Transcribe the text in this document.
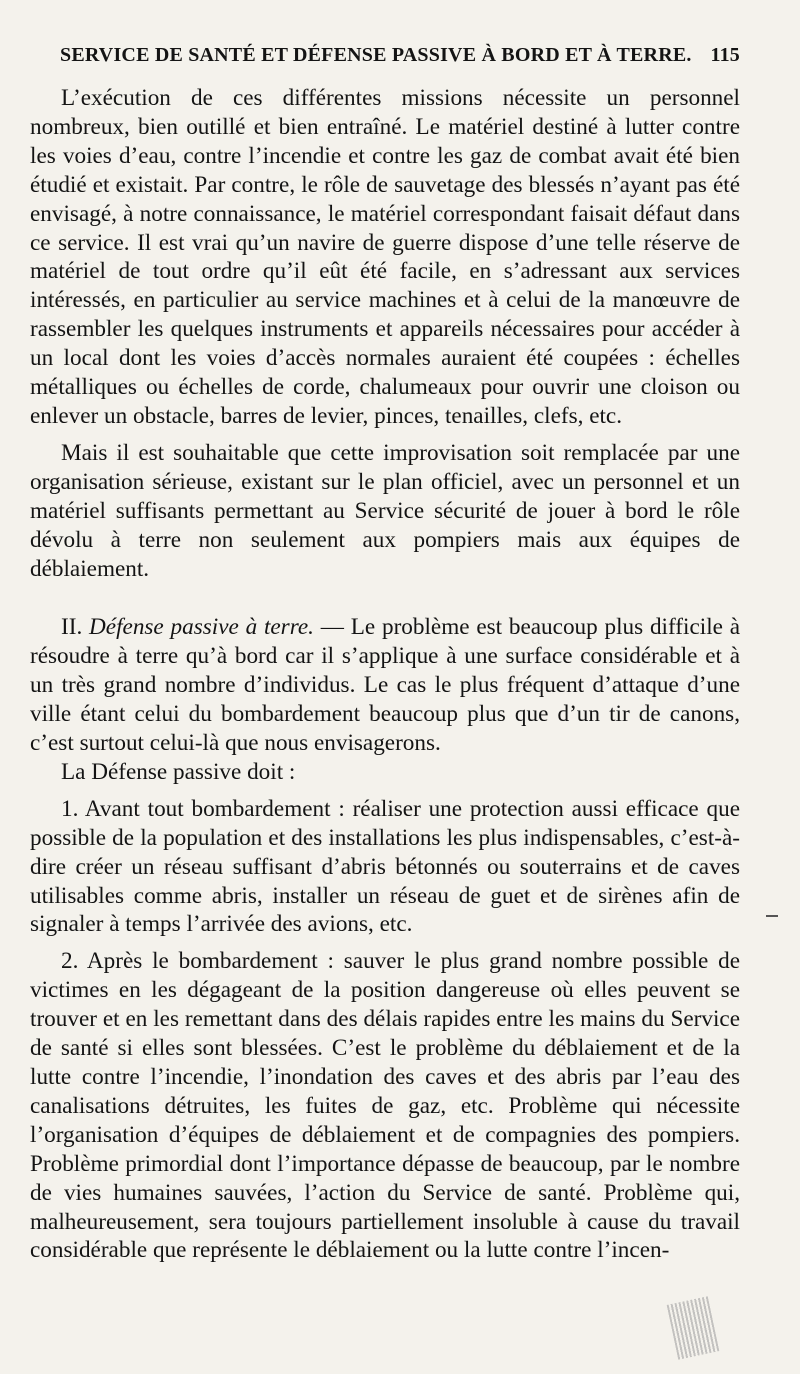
SERVICE DE SANTÉ ET DÉFENSE PASSIVE À BORD ET À TERRE. 115

L’exécution de ces différentes missions nécessite un personnel nombreux, bien outillé et bien entraîné. Le matériel destiné à lutter contre les voies d’eau, contre l’incendie et contre les gaz de combat avait été bien étudié et existait. Par contre, le rôle de sauvetage des blessés n’ayant pas été envisagé, à notre connaissance, le matériel correspondant faisait défaut dans ce service. Il est vrai qu’un navire de guerre dispose d’une telle réserve de matériel de tout ordre qu’il eût été facile, en s’adressant aux services intéressés, en particulier au service machines et à celui de la manœuvre de rassembler les quelques instruments et appareils nécessaires pour accéder à un local dont les voies d’accès normales auraient été coupées : échelles métalliques ou échelles de corde, chalumeaux pour ouvrir une cloison ou enlever un obstacle, barres de levier, pinces, tenailles, clefs, etc.

Mais il est souhaitable que cette improvisation soit remplacée par une organisation sérieuse, existant sur le plan officiel, avec un personnel et un matériel suffisants permettant au Service sécurité de jouer à bord le rôle dévolu à terre non seulement aux pompiers mais aux équipes de déblaiement.

II. Défense passive à terre. — Le problème est beaucoup plus difficile à résoudre à terre qu’à bord car il s’applique à une surface considérable et à un très grand nombre d’individus. Le cas le plus fréquent d’attaque d’une ville étant celui du bombardement beaucoup plus que d’un tir de canons, c’est surtout celui-là que nous envisagerons.

La Défense passive doit :

1. Avant tout bombardement : réaliser une protection aussi efficace que possible de la population et des installations les plus indispensables, c’est-à-dire créer un réseau suffisant d’abris bétonnés ou souterrains et de caves utilisables comme abris, installer un réseau de guet et de sirènes afin de signaler à temps l’arrivée des avions, etc.

2. Après le bombardement : sauver le plus grand nombre possible de victimes en les dégageant de la position dangereuse où elles peuvent se trouver et en les remettant dans des délais rapides entre les mains du Service de santé si elles sont blessées. C’est le problème du déblaiement et de la lutte contre l’incendie, l’inondation des caves et des abris par l’eau des canalisations détruites, les fuites de gaz, etc. Problème qui nécessite l’organisation d’équipes de déblaiement et de compagnies des pompiers. Problème primordial dont l’importance dépasse de beaucoup, par le nombre de vies humaines sauvées, l’action du Service de santé. Problème qui, malheureusement, sera toujours partiellement insoluble à cause du travail considérable que représente le déblaiement ou la lutte contre l’incen-
